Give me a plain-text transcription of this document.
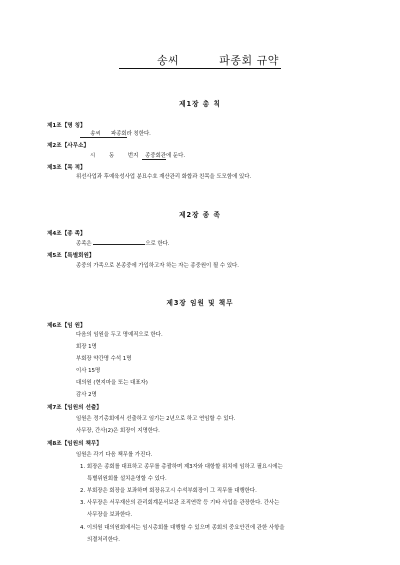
송씨	파종회 규약
제1장 총 칙
제1조【명 칭】
송씨 파종회라 칭한다.
제2조【사무소】
시	동	번지 종중회관에 둔다.
제3조【목 적】
위선사업과 후예육성사업 분묘수호 재산관리 화합과 친목을 도모함에 있다.
제2장 종 족
제4조【종 족】
종족은	으로 한다.
제5조【특별회원】
종중의 가족으로 본종중에 가입하고자 하는 자는 종중원이 될 수 있다.
제3장 임원 및 책무
제6조【임 원】
다음의 임원을 두고 명예직으로 한다.
회장 1명
부회장 약간명 수석 1명
이사 15명
대의원 (현지마을 또는 대표자)
감사 2명
제7조【임원의 선출】
임원은 정기총회에서 선출하고 임기는 2년으로 하고 연임할 수 있다.
사무장, 간사(2)은 회장이 지명한다.
제8조【임원의 책무】
임원은 각기 다음 책무를 가진다.
1. 회장은 종회를 대표하고 종무를 총괄하며 제3자와 대항할 위치에 임하고 필요시에는
특별위원회를 설치운영할 수 있다.
2. 부회장은 회장을 보좌하며 회장유고시 수석부회장이 그 직무를 대행한다.
3. 사무장은 서무재산의 관리회계문서보관 조직연락 등 기타 사업을 관장한다. 간사는
사무장을 보좌한다.
4. 이의원 대의원회에서는 임시총회를 대행할 수 있으며 종회의 중요안건에 관한 사항을
의결처리한다.
